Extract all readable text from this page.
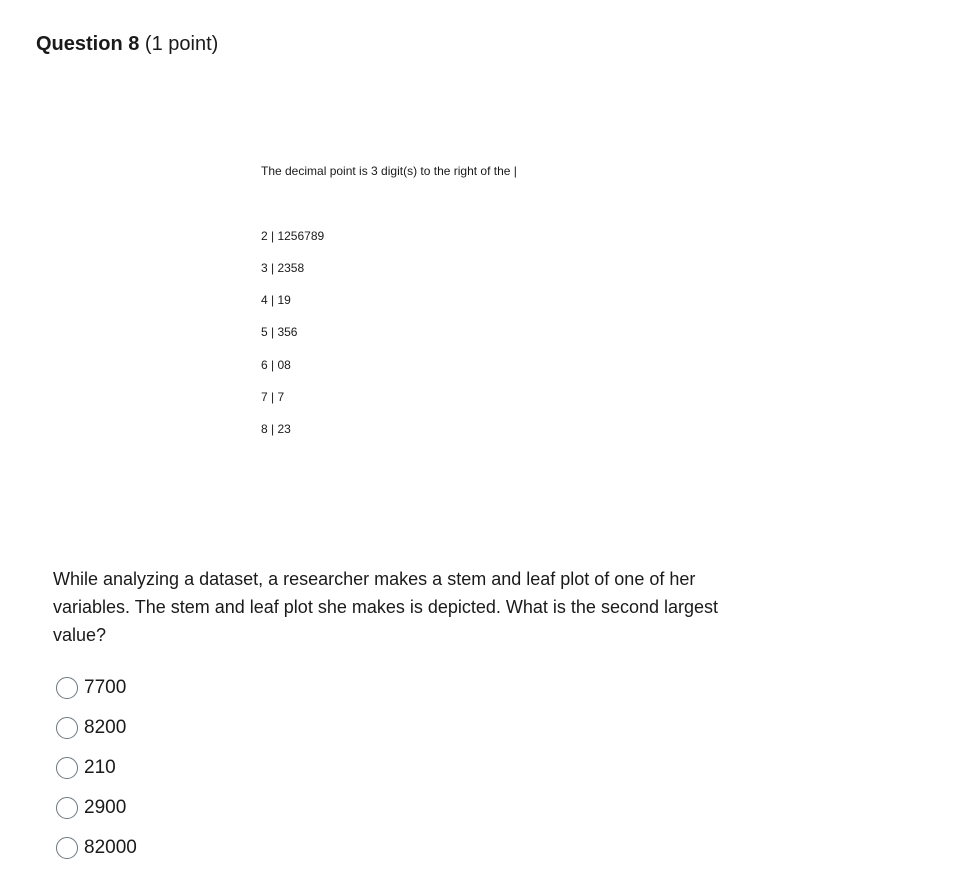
Question 8 (1 point)
The decimal point is 3 digit(s) to the right of the |
2 | 1256789
3 | 2358
4 | 19
5 | 356
6 | 08
7 | 7
8 | 23
While analyzing a dataset, a researcher makes a stem and leaf plot of one of her variables. The stem and leaf plot she makes is depicted. What is the second largest value?
7700
8200
210
2900
82000
